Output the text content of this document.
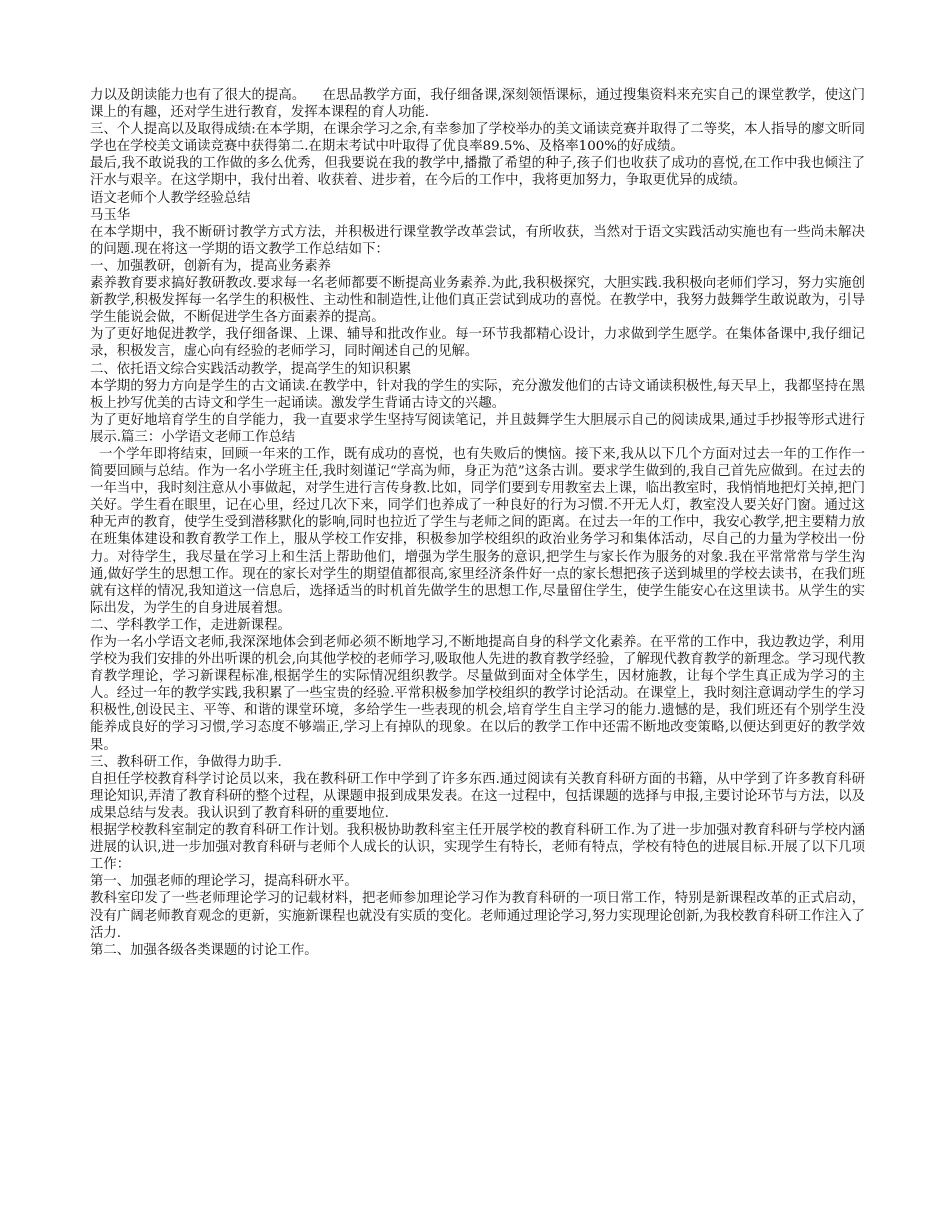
力以及朗读能力也有了很大的提高。    在思品教学方面，我仔细备课,深刻领悟课标，通过搜集资料来充实自己的课堂教学，使这门课上的有趣，还对学生进行教育，发挥本课程的育人功能.

三、个人提高以及取得成绩:在本学期，在课余学习之余,有幸参加了学校举办的美文诵读竞赛并取得了二等奖，本人指导的廖文昕同学也在学校美文诵读竞赛中获得第二.在期末考试中叶取得了优良率89.5%、及格率100%的好成绩。

最后,我不敢说我的工作做的多么优秀，但我要说在我的教学中,播撒了希望的种子,孩子们也收获了成功的喜悦,在工作中我也倾注了汗水与艰辛。在这学期中，我付出着、收获着、进步着，在今后的工作中，我将更加努力，争取更优异的成绩。

语文老师个人教学经验总结

马玉华

在本学期中，我不断研讨教学方式方法，并积极进行课堂教学改革尝试，有所收获，当然对于语文实践活动实施也有一些尚未解决的问题.现在将这一学期的语文教学工作总结如下：

一、加强教研，创新有为，提高业务素养

素养教育要求搞好教研教改.要求每一名老师都要不断提高业务素养.为此,我积极探究，大胆实践.我积极向老师们学习，努力实施创新教学,积极发挥每一名学生的积极性、主动性和制造性,让他们真正尝试到成功的喜悦。在教学中，我努力鼓舞学生敢说敢为，引导学生能说会做，不断促进学生各方面素养的提高。

为了更好地促进教学，我仔细备课、上课、辅导和批改作业。每一环节我都精心设计，力求做到学生愿学。在集体备课中,我仔细记录，积极发言，虚心向有经验的老师学习，同时阐述自己的见解。

二、依托语文综合实践活动教学，提高学生的知识积累

本学期的努力方向是学生的古文诵读.在教学中，针对我的学生的实际，充分激发他们的古诗文诵读积极性,每天早上，我都坚持在黑板上抄写优美的古诗文和学生一起诵读。激发学生背诵古诗文的兴趣。

为了更好地培育学生的自学能力，我一直要求学生坚持写阅读笔记，并且鼓舞学生大胆展示自己的阅读成果,通过手抄报等形式进行展示.篇三：小学语文老师工作总结

一个学年即将结束，回顾一年来的工作，既有成功的喜悦，也有失败后的懊恼。接下来,我从以下几个方面对过去一年的工作作一简要回顾与总结。作为一名小学班主任,我时刻谨记“学高为师，身正为范”这条古训。要求学生做到的,我自己首先应做到。在过去的一年当中，我时刻注意从小事做起，对学生进行言传身教.比如，同学们要到专用教室去上课，临出教室时，我悄悄地把灯关掉,把门关好。学生看在眼里，记在心里，经过几次下来，同学们也养成了一种良好的行为习惯.不开无人灯，教室没人要关好门窗。通过这种无声的教育，使学生受到潜移默化的影响,同时也拉近了学生与老师之间的距离。在过去一年的工作中，我安心教学,把主要精力放在班集体建设和教育教学工作上，服从学校工作安排，积极参加学校组织的政治业务学习和集体活动，尽自己的力量为学校出一份力。对待学生，我尽量在学习上和生活上帮助他们，增强为学生服务的意识,把学生与家长作为服务的对象.我在平常常常与学生沟通,做好学生的思想工作。现在的家长对学生的期望值都很高,家里经济条件好一点的家长想把孩子送到城里的学校去读书，在我们班就有这样的情况,我知道这一信息后，选择适当的时机首先做学生的思想工作,尽量留住学生，使学生能安心在这里读书。从学生的实际出发，为学生的自身进展着想。

二、学科教学工作，走进新课程。

作为一名小学语文老师,我深深地体会到老师必须不断地学习,不断地提高自身的科学文化素养。在平常的工作中，我边教边学，利用学校为我们安排的外出听课的机会,向其他学校的老师学习,吸取他人先进的教育教学经验，了解现代教育教学的新理念。学习现代教育教学理论，学习新课程标准,根据学生的实际情况组织教学。尽量做到面对全体学生，因材施教，让每个学生真正成为学习的主人。经过一年的教学实践,我积累了一些宝贵的经验.平常积极参加学校组织的教学讨论活动。在课堂上，我时刻注意调动学生的学习积极性,创设民主、平等、和谐的课堂环境，多给学生一些表现的机会,培育学生自主学习的能力.遗憾的是，我们班还有个别学生没能养成良好的学习习惯,学习态度不够端正,学习上有掉队的现象。在以后的教学工作中还需不断地改变策略,以便达到更好的教学效果。

三、教科研工作，争做得力助手.

自担任学校教育科学讨论员以来，我在教科研工作中学到了许多东西.通过阅读有关教育科研方面的书籍，从中学到了许多教育科研理论知识,弄清了教育科研的整个过程，从课题申报到成果发表。在这一过程中，包括课题的选择与申报,主要讨论环节与方法，以及成果总结与发表。我认识到了教育科研的重要地位.

根据学校教科室制定的教育科研工作计划。我积极协助教科室主任开展学校的教育科研工作.为了进一步加强对教育科研与学校内涵进展的认识,进一步加强对教育科研与老师个人成长的认识，实现学生有特长，老师有特点，学校有特色的进展目标.开展了以下几项工作：

第一、加强老师的理论学习，提高科研水平。

教科室印发了一些老师理论学习的记载材料，把老师参加理论学习作为教育科研的一项日常工作，特别是新课程改革的正式启动，没有广阔老师教育观念的更新，实施新课程也就没有实质的变化。老师通过理论学习,努力实现理论创新,为我校教育科研工作注入了活力.

第二、加强各级各类课题的讨论工作。
